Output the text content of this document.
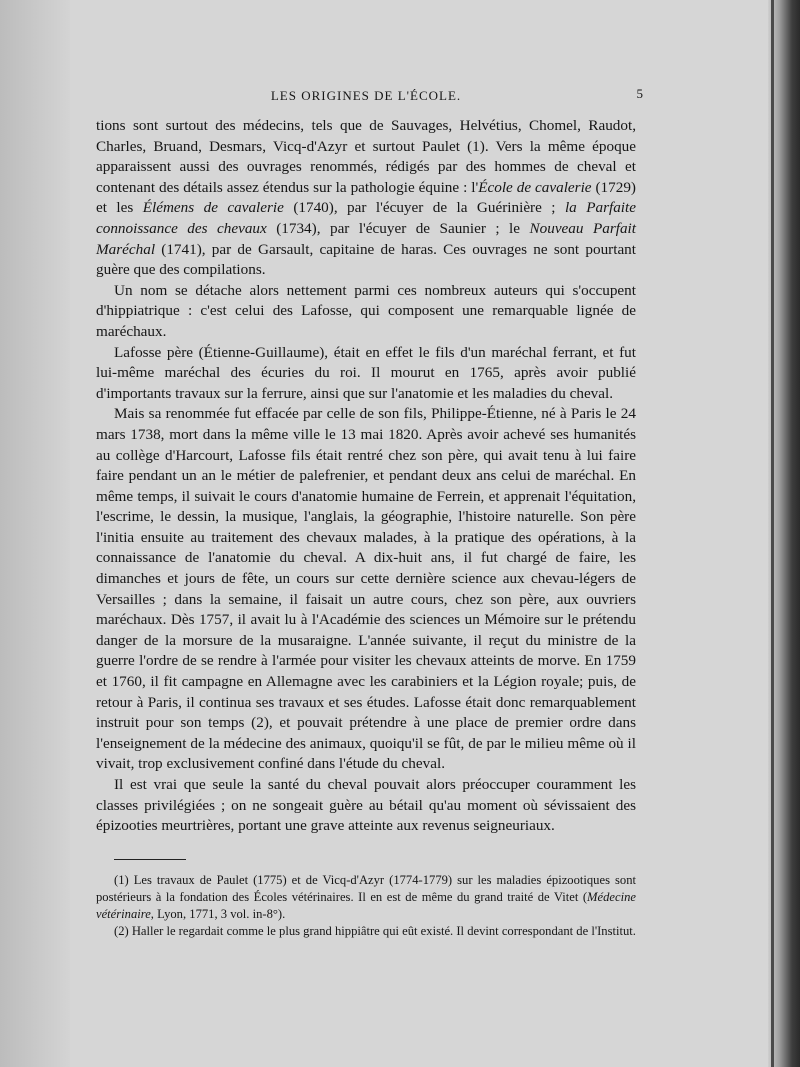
LES ORIGINES DE L'ÉCOLE.	5

tions sont surtout des médecins, tels que de Sauvages, Helvétius, Chomel, Raudot, Charles, Bruand, Desmars, Vicq-d'Azyr et surtout Paulet (1). Vers la même époque apparaissent aussi des ouvrages renommés, rédigés par des hommes de cheval et contenant des détails assez étendus sur la pathologie équine : l'École de cavalerie (1729) et les Élémens de cavalerie (1740), par l'écuyer de la Guérinière ; la Parfaite connoissance des chevaux (1734), par l'écuyer de Saunier ; le Nouveau Parfait Maréchal (1741), par de Garsault, capitaine de haras. Ces ouvrages ne sont pourtant guère que des compilations.

Un nom se détache alors nettement parmi ces nombreux auteurs qui s'occupent d'hippiatrique : c'est celui des Lafosse, qui composent une remarquable lignée de maréchaux.

Lafosse père (Étienne-Guillaume), était en effet le fils d'un maréchal ferrant, et fut lui-même maréchal des écuries du roi. Il mourut en 1765, après avoir publié d'importants travaux sur la ferrure, ainsi que sur l'anatomie et les maladies du cheval.

Mais sa renommée fut effacée par celle de son fils, Philippe-Étienne, né à Paris le 24 mars 1738, mort dans la même ville le 13 mai 1820. Après avoir achevé ses humanités au collège d'Harcourt, Lafosse fils était rentré chez son père, qui avait tenu à lui faire faire pendant un an le métier de palefrenier, et pendant deux ans celui de maréchal. En même temps, il suivait le cours d'anatomie humaine de Ferrein, et apprenait l'équitation, l'escrime, le dessin, la musique, l'anglais, la géographie, l'histoire naturelle. Son père l'initia ensuite au traitement des chevaux malades, à la pratique des opérations, à la connaissance de l'anatomie du cheval. A dix-huit ans, il fut chargé de faire, les dimanches et jours de fête, un cours sur cette dernière science aux chevau-légers de Versailles ; dans la semaine, il faisait un autre cours, chez son père, aux ouvriers maréchaux. Dès 1757, il avait lu à l'Académie des sciences un Mémoire sur le prétendu danger de la morsure de la musaraigne. L'année suivante, il reçut du ministre de la guerre l'ordre de se rendre à l'armée pour visiter les chevaux atteints de morve. En 1759 et 1760, il fit campagne en Allemagne avec les carabiniers et la Légion royale; puis, de retour à Paris, il continua ses travaux et ses études. Lafosse était donc remarquablement instruit pour son temps (2), et pouvait prétendre à une place de premier ordre dans l'enseignement de la médecine des animaux, quoiqu'il se fût, de par le milieu même où il vivait, trop exclusivement confiné dans l'étude du cheval.

Il est vrai que seule la santé du cheval pouvait alors préoccuper couramment les classes privilégiées ; on ne songeait guère au bétail qu'au moment où sévissaient des épizooties meurtrières, portant une grave atteinte aux revenus seigneuriaux.

(1) Les travaux de Paulet (1775) et de Vicq-d'Azyr (1774-1779) sur les maladies épizootiques sont postérieurs à la fondation des Écoles vétérinaires. Il en est de même du grand traité de Vitet (Médecine vétérinaire, Lyon, 1771, 3 vol. in-8°).

(2) Haller le regardait comme le plus grand hippiâtre qui eût existé. Il devint correspondant de l'Institut.
